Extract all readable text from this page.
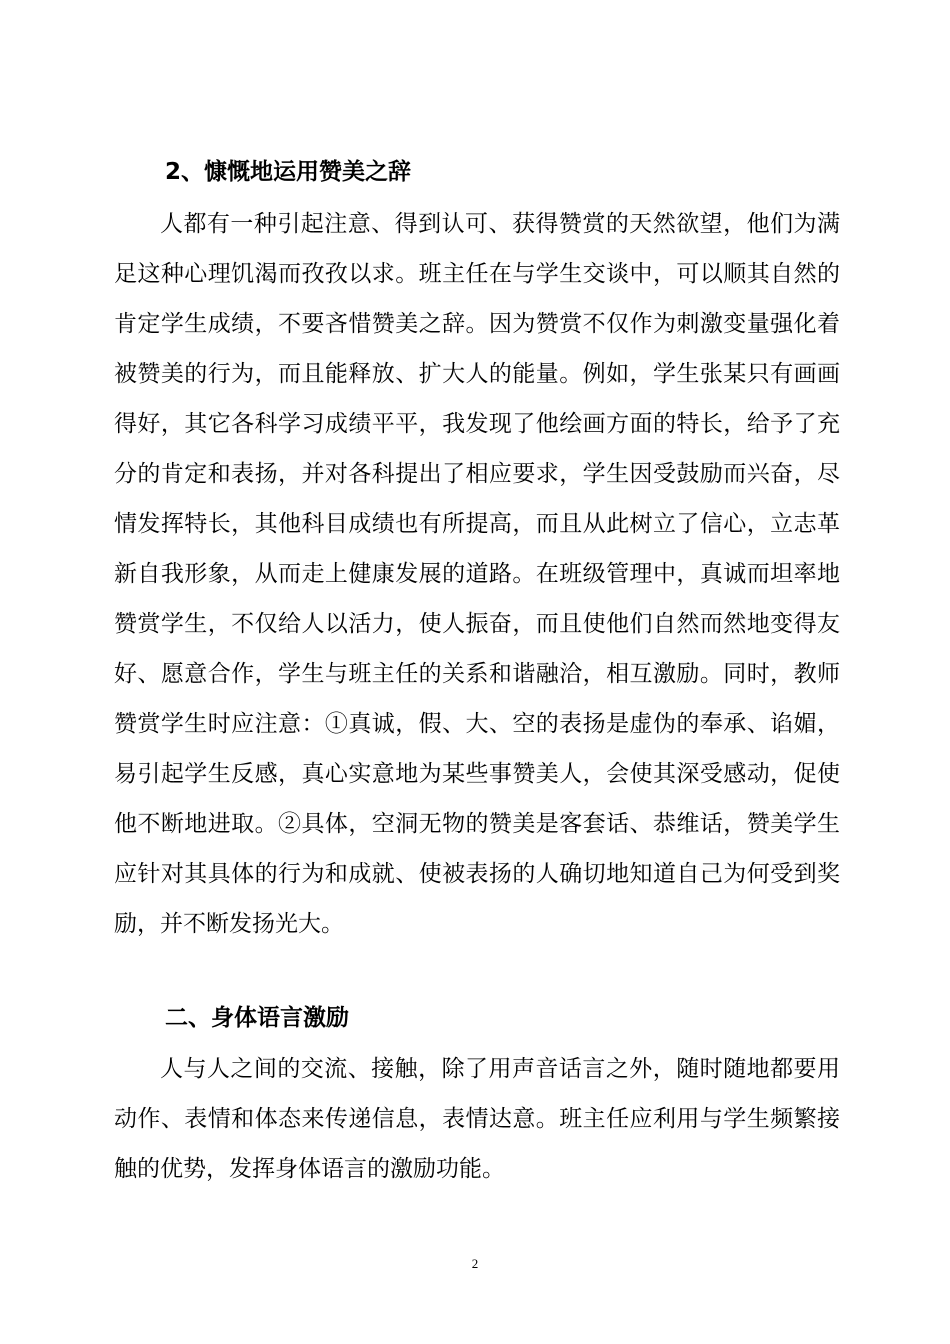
2、慷慨地运用赞美之辞

人都有一种引起注意、得到认可、获得赞赏的天然欲望，他们为满足这种心理饥渴而孜孜以求。班主任在与学生交谈中，可以顺其自然的肯定学生成绩，不要吝惜赞美之辞。因为赞赏不仅作为刺激变量强化着被赞美的行为，而且能释放、扩大人的能量。例如，学生张某只有画画得好，其它各科学习成绩平平，我发现了他绘画方面的特长，给予了充分的肯定和表扬，并对各科提出了相应要求，学生因受鼓励而兴奋，尽情发挥特长，其他科目成绩也有所提高，而且从此树立了信心，立志革新自我形象，从而走上健康发展的道路。在班级管理中，真诚而坦率地赞赏学生，不仅给人以活力，使人振奋，而且使他们自然而然地变得友好、愿意合作，学生与班主任的关系和谐融洽，相互激励。同时，教师赞赏学生时应注意：①真诚，假、大、空的表扬是虚伪的奉承、谄媚，易引起学生反感，真心实意地为某些事赞美人，会使其深受感动，促使他不断地进取。②具体，空洞无物的赞美是客套话、恭维话，赞美学生应针对其具体的行为和成就、使被表扬的人确切地知道自己为何受到奖励，并不断发扬光大。

二、身体语言激励

人与人之间的交流、接触，除了用声音话言之外，随时随地都要用动作、表情和体态来传递信息，表情达意。班主任应利用与学生频繁接触的优势，发挥身体语言的激励功能。

2
